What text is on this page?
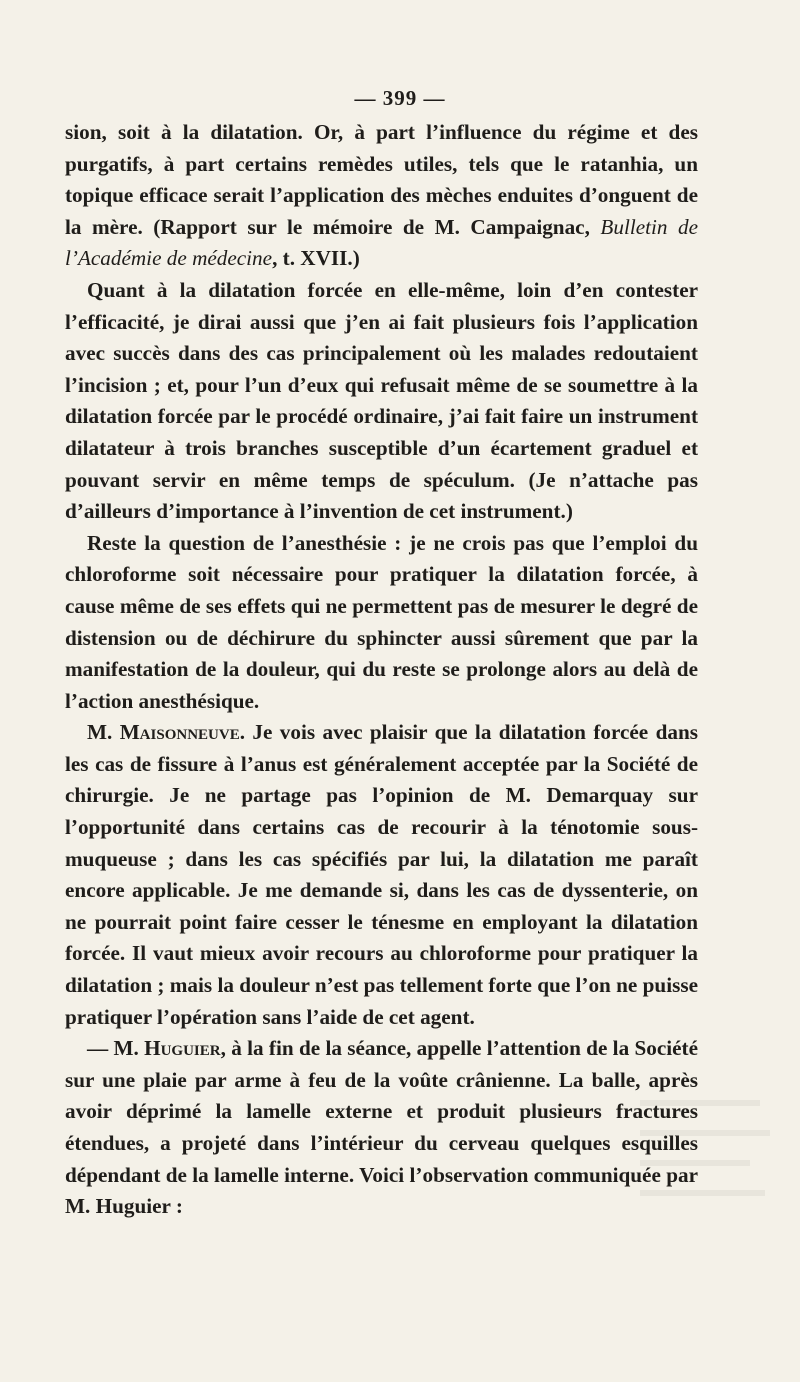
— 399 —

sion, soit à la dilatation. Or, à part l’influence du régime et des purgatifs, à part certains remèdes utiles, tels que le ratanhia, un topique efficace serait l’application des mèches enduites d’onguent de la mère. (Rapport sur le mémoire de M. Campaignac, Bulletin de l’Académie de médecine, t. XVII.)

Quant à la dilatation forcée en elle-même, loin d’en contester l’efficacité, je dirai aussi que j’en ai fait plusieurs fois l’application avec succès dans des cas principalement où les malades redoutaient l’incision ; et, pour l’un d’eux qui refusait même de se soumettre à la dilatation forcée par le procédé ordinaire, j’ai fait faire un instrument dilatateur à trois branches susceptible d’un écartement graduel et pouvant servir en même temps de spéculum. (Je n’attache pas d’ailleurs d’importance à l’invention de cet instrument.)

Reste la question de l’anesthésie : je ne crois pas que l’emploi du chloroforme soit nécessaire pour pratiquer la dilatation forcée, à cause même de ses effets qui ne permettent pas de mesurer le degré de distension ou de déchirure du sphincter aussi sûrement que par la manifestation de la douleur, qui du reste se prolonge alors au delà de l’action anesthésique.

M. Maisonneuve. Je vois avec plaisir que la dilatation forcée dans les cas de fissure à l’anus est généralement acceptée par la Société de chirurgie. Je ne partage pas l’opinion de M. Demarquay sur l’opportunité dans certains cas de recourir à la ténotomie sous-muqueuse ; dans les cas spécifiés par lui, la dilatation me paraît encore applicable. Je me demande si, dans les cas de dyssenterie, on ne pourrait point faire cesser le ténesme en employant la dilatation forcée. Il vaut mieux avoir recours au chloroforme pour pratiquer la dilatation ; mais la douleur n’est pas tellement forte que l’on ne puisse pratiquer l’opération sans l’aide de cet agent.

— M. Huguier, à la fin de la séance, appelle l’attention de la Société sur une plaie par arme à feu de la voûte crânienne. La balle, après avoir déprimé la lamelle externe et produit plusieurs fractures étendues, a projeté dans l’intérieur du cerveau quelques esquilles dépendant de la lamelle interne. Voici l’observation communiquée par M. Huguier :
